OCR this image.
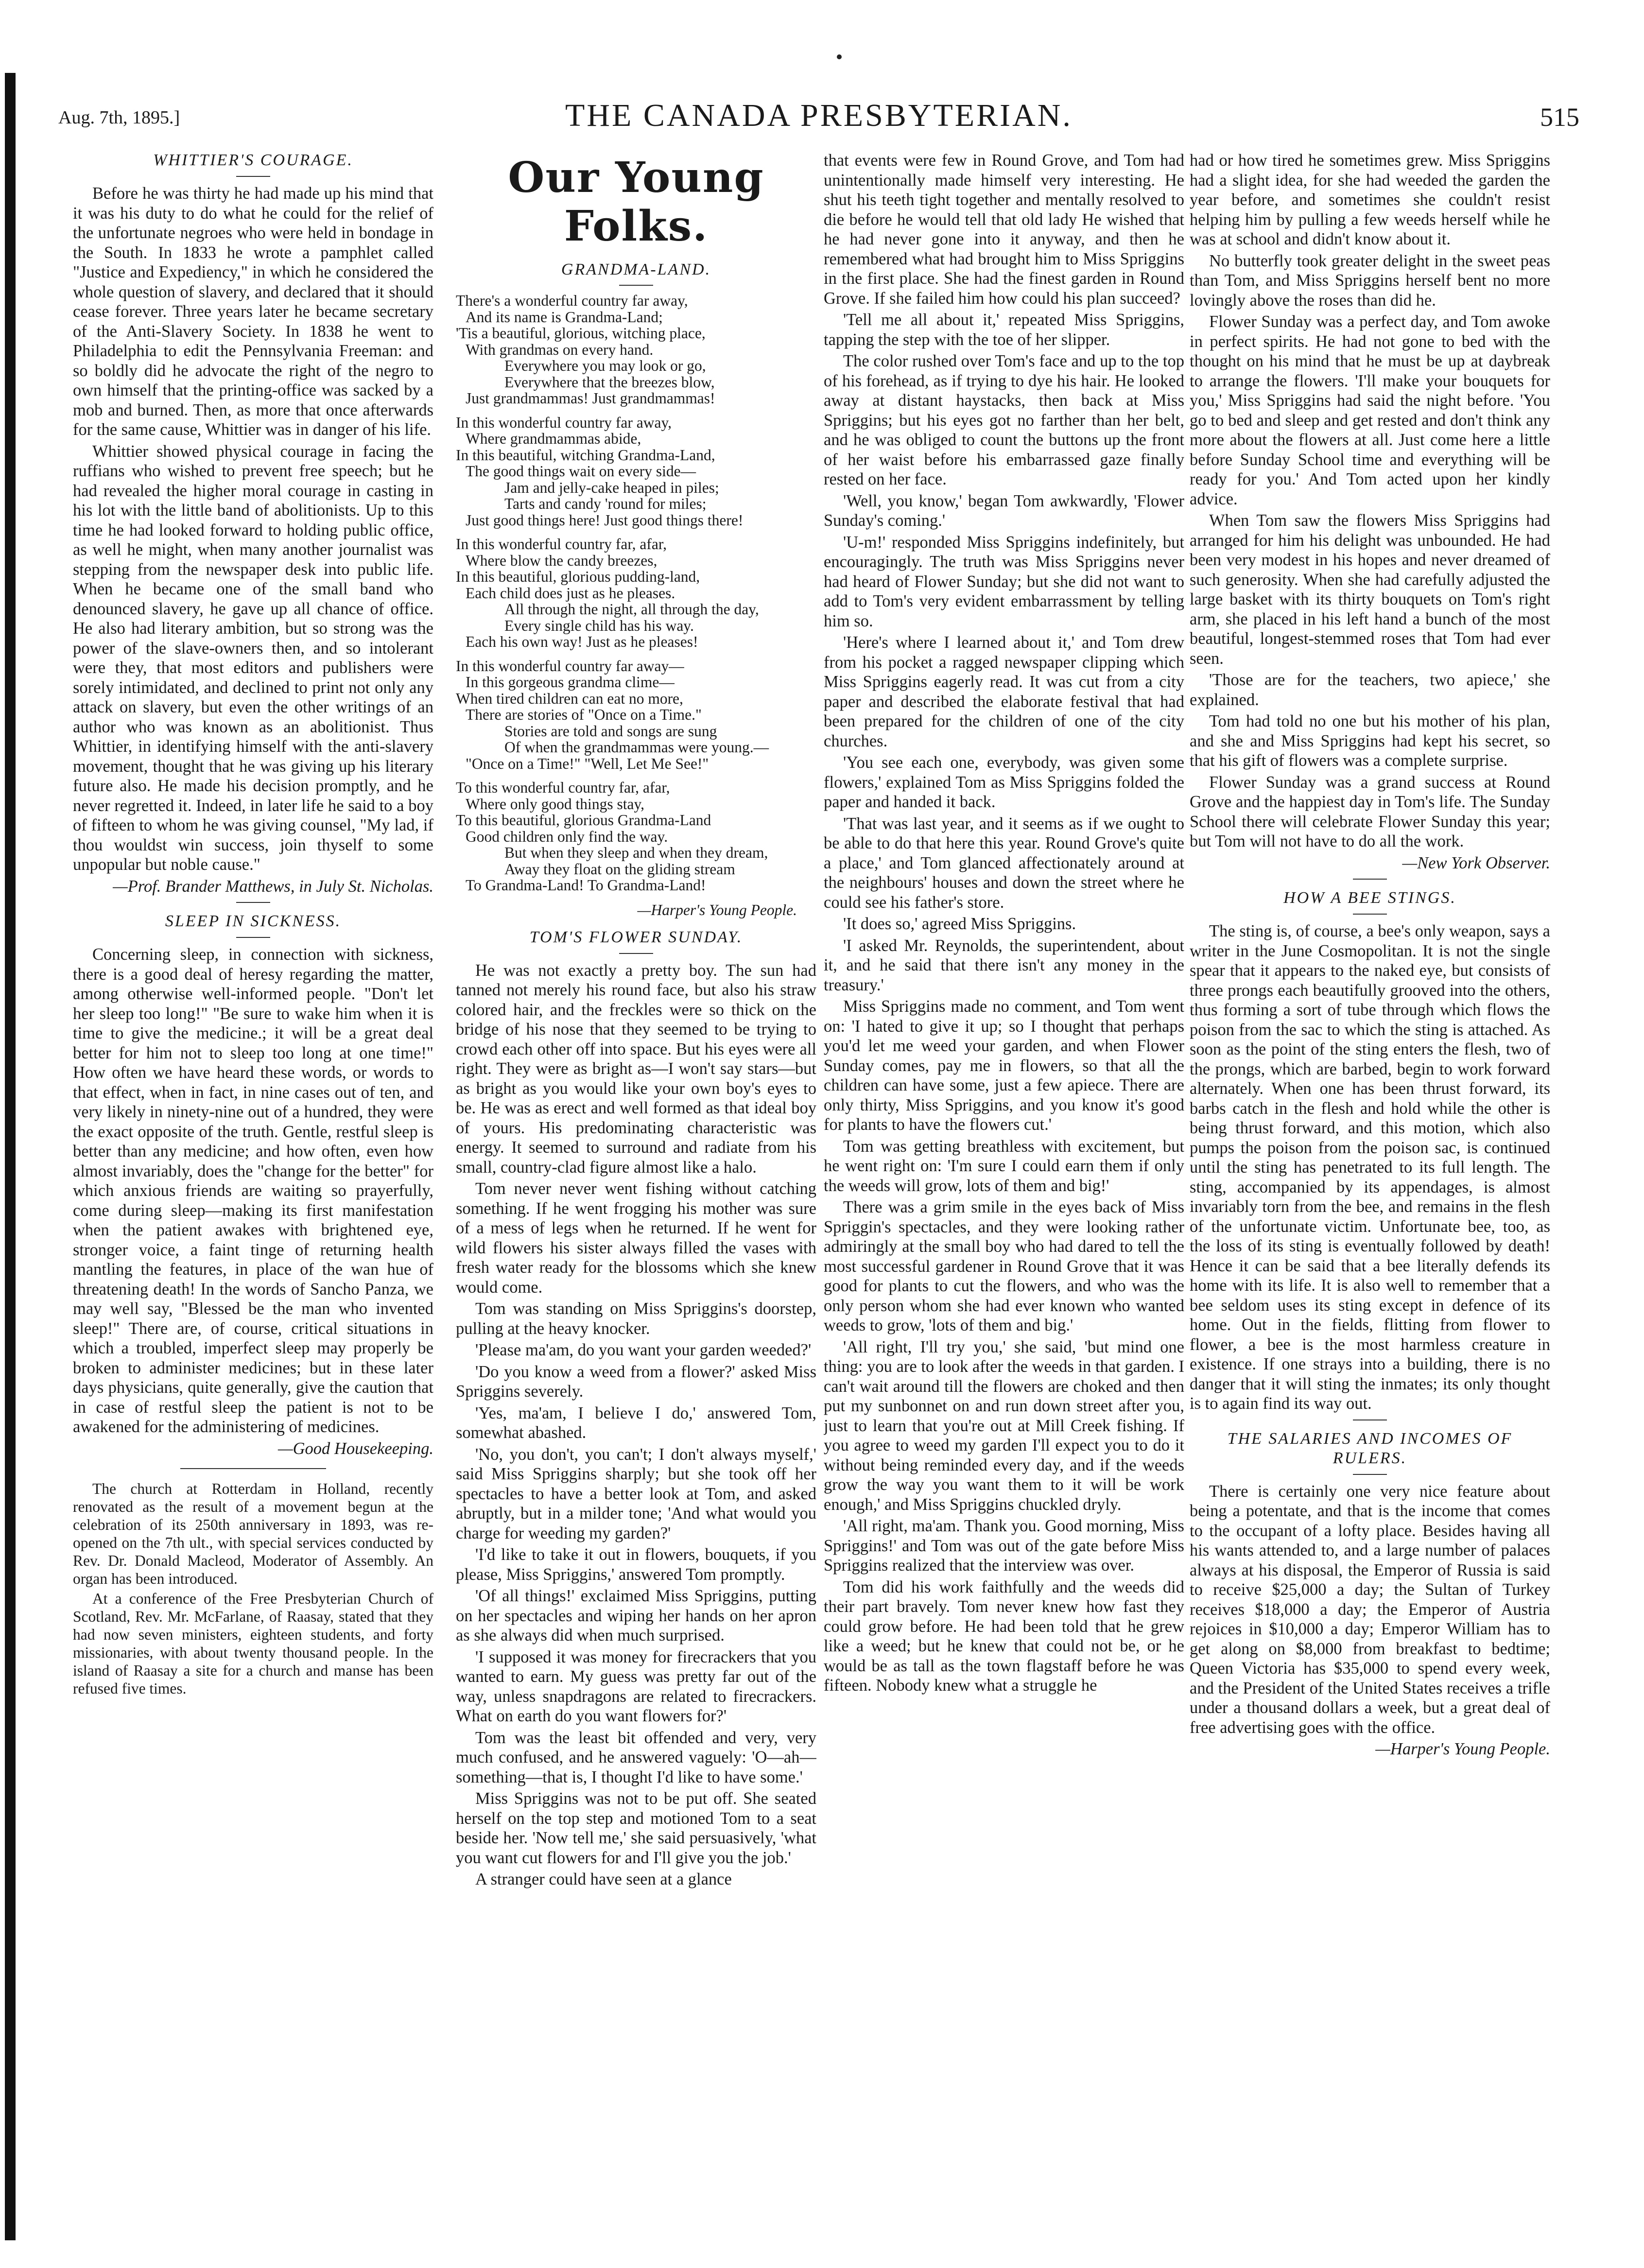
Aug. 7th, 1895.]	THE CANADA PRESBYTERIAN.	515
WHITTIER'S COURAGE.

Before he was thirty he had made up his mind that it was his duty to do what he could for the relief of the unfortunate negroes who were held in bondage in the South. In 1833 he wrote a pamphlet called "Justice and Expediency," in which he considered the whole question of slavery, and declared that it should cease forever. Three years later he became secretary of the Anti-Slavery Society. In 1838 he went to Philadelphia to edit the Pennsylvania Freeman: and so boldly did he advocate the right of the negro to own himself that the printing-office was sacked by a mob and burned. Then, as more that once afterwards for the same cause, Whittier was in danger of his life.

Whittier showed physical courage in facing the ruffians who wished to prevent free speech; but he had revealed the higher moral courage in casting in his lot with the little band of abolitionists. Up to this time he had looked forward to holding public office, as well he might, when many another journalist was stepping from the newspaper desk into public life. When he became one of the small band who denounced slavery, he gave up all chance of office. He also had literary ambition, but so strong was the power of the slave-owners then, and so intolerant were they, that most editors and publishers were sorely intimidated, and declined to print not only any attack on slavery, but even the other writings of an author who was known as an abolitionist. Thus Whittier, in identifying himself with the anti-slavery movement, thought that he was giving up his literary future also. He made his decision promptly, and he never regretted it. Indeed, in later life he said to a boy of fifteen to whom he was giving counsel, "My lad, if thou wouldst win success, join thyself to some unpopular but noble cause."

—Prof. Brander Matthews, in July St. Nicholas.

SLEEP IN SICKNESS.

Concerning sleep, in connection with sickness, there is a good deal of heresy regarding the matter, among otherwise well-informed people. "Don't let her sleep too long!" "Be sure to wake him when it is time to give the medicine.; it will be a great deal better for him not to sleep too long at one time!" How often we have heard these words, or words to that effect, when in fact, in nine cases out of ten, and very likely in ninety-nine out of a hundred, they were the exact opposite of the truth. Gentle, restful sleep is better than any medicine; and how often, even how almost invariably, does the "change for the better" for which anxious friends are waiting so prayerfully, come during sleep—making its first manifestation when the patient awakes with brightened eye, stronger voice, a faint tinge of returning health mantling the features, in place of the wan hue of threatening death! In the words of Sancho Panza, we may well say, "Blessed be the man who invented sleep!" There are, of course, critical situations in which a troubled, imperfect sleep may properly be broken to administer medicines; but in these later days physicians, quite generally, give the caution that in case of restful sleep the patient is not to be awakened for the administering of medicines.

—Good Housekeeping.

The church at Rotterdam in Holland, recently renovated as the result of a movement begun at the celebration of its 250th anniversary in 1893, was re-opened on the 7th ult., with special services conducted by Rev. Dr. Donald Macleod, Moderator of Assembly. An organ has been introduced.

At a conference of the Free Presbyterian Church of Scotland, Rev. Mr. McFarlane, of Raasay, stated that they had now seven ministers, eighteen students, and forty missionaries, with about twenty thousand people. In the island of Raasay a site for a church and manse has been refused five times.

Our Young Folks.
GRANDMA-LAND.
There's a wonderful country far away,
And its name is Grandma-Land;
'Tis a beautiful, glorious, witching place,
With grandmas on every hand.
Everywhere you may look or go,
Everywhere that the breezes blow,
Just grandmammas! Just grandmammas!
In this wonderful country far away,
Where grandmammas abide,
In this beautiful, witching Grandma-Land,
The good things wait on every side—
Jam and jelly-cake heaped in piles;
Tarts and candy 'round for miles;
Just good things here! Just good things there!
In this wonderful country far, afar,
Where blow the candy breezes,
In this beautiful, glorious pudding-land,
Each child does just as he pleases.
All through the night, all through the day,
Every single child has his way.
Each his own way! Just as he pleases!
In this wonderful country far away—
In this gorgeous grandma clime—
When tired children can eat no more,
There are stories of "Once on a Time."
Stories are told and songs are sung
Of when the grandmammas were young.—
"Once on a Time!" "Well, Let Me See!"
To this wonderful country far, afar,
Where only good things stay,
To this beautiful, glorious Grandma-Land
Good children only find the way.
But when they sleep and when they dream,
Away they float on the gliding stream
To Grandma-Land! To Grandma-Land!
—Harper's Young People.
TOM'S FLOWER SUNDAY.

He was not exactly a pretty boy. The sun had tanned not merely his round face, but also his straw colored hair, and the freckles were so thick on the bridge of his nose that they seemed to be trying to crowd each other off into space. But his eyes were all right. They were as bright as—I won't say stars—but as bright as you would like your own boy's eyes to be. He was as erect and well formed as that ideal boy of yours. His predominating characteristic was energy. It seemed to surround and radiate from his small, country-clad figure almost like a halo.

Tom never never went fishing without catching something. If he went frogging his mother was sure of a mess of legs when he returned. If he went for wild flowers his sister always filled the vases with fresh water ready for the blossoms which she knew would come.

Tom was standing on Miss Spriggins's doorstep, pulling at the heavy knocker.

'Please ma'am, do you want your garden weeded?'

'Do you know a weed from a flower?' asked Miss Spriggins severely.

'Yes, ma'am, I believe I do,' answered Tom, somewhat abashed.

'No, you don't, you can't; I don't always myself,' said Miss Spriggins sharply; but she took off her spectacles to have a better look at Tom, and asked abruptly, but in a milder tone; 'And what would you charge for weeding my garden?'

'I'd like to take it out in flowers, bouquets, if you please, Miss Spriggins,' answered Tom promptly.

'Of all things!' exclaimed Miss Spriggins, putting on her spectacles and wiping her hands on her apron as she always did when much surprised.

'I supposed it was money for firecrackers that you wanted to earn. My guess was pretty far out of the way, unless snapdragons are related to firecrackers. What on earth do you want flowers for?'

Tom was the least bit offended and very, very much confused, and he answered vaguely: 'O—ah—something—that is, I thought I'd like to have some.'

Miss Spriggins was not to be put off. She seated herself on the top step and motioned Tom to a seat beside her. 'Now tell me,' she said persuasively, 'what you want cut flowers for and I'll give you the job.'

A stranger could have seen at a glance

that events were few in Round Grove, and Tom had unintentionally made himself very interesting. He shut his teeth tight together and mentally resolved to die before he would tell that old lady He wished that he had never gone into it anyway, and then he remembered what had brought him to Miss Spriggins in the first place. She had the finest garden in Round Grove. If she failed him how could his plan succeed?

'Tell me all about it,' repeated Miss Spriggins, tapping the step with the toe of her slipper.

The color rushed over Tom's face and up to the top of his forehead, as if trying to dye his hair. He looked away at distant haystacks, then back at Miss Spriggins; but his eyes got no farther than her belt, and he was obliged to count the buttons up the front of her waist before his embarrassed gaze finally rested on her face.

'Well, you know,' began Tom awkwardly, 'Flower Sunday's coming.'

'U-m!' responded Miss Spriggins indefinitely, but encouragingly. The truth was Miss Spriggins never had heard of Flower Sunday; but she did not want to add to Tom's very evident embarrassment by telling him so.

'Here's where I learned about it,' and Tom drew from his pocket a ragged newspaper clipping which Miss Spriggins eagerly read. It was cut from a city paper and described the elaborate festival that had been prepared for the children of one of the city churches.

'You see each one, everybody, was given some flowers,' explained Tom as Miss Spriggins folded the paper and handed it back.

'That was last year, and it seems as if we ought to be able to do that here this year. Round Grove's quite a place,' and Tom glanced affectionately around at the neighbours' houses and down the street where he could see his father's store.

'It does so,' agreed Miss Spriggins.

'I asked Mr. Reynolds, the superintendent, about it, and he said that there isn't any money in the treasury.'

Miss Spriggins made no comment, and Tom went on: 'I hated to give it up; so I thought that perhaps you'd let me weed your garden, and when Flower Sunday comes, pay me in flowers, so that all the children can have some, just a few apiece. There are only thirty, Miss Spriggins, and you know it's good for plants to have the flowers cut.'

Tom was getting breathless with excitement, but he went right on: 'I'm sure I could earn them if only the weeds will grow, lots of them and big!'

There was a grim smile in the eyes back of Miss Spriggin's spectacles, and they were looking rather admiringly at the small boy who had dared to tell the most successful gardener in Round Grove that it was good for plants to cut the flowers, and who was the only person whom she had ever known who wanted weeds to grow, 'lots of them and big.'

'All right, I'll try you,' she said, 'but mind one thing: you are to look after the weeds in that garden. I can't wait around till the flowers are choked and then put my sunbonnet on and run down street after you, just to learn that you're out at Mill Creek fishing. If you agree to weed my garden I'll expect you to do it without being reminded every day, and if the weeds grow the way you want them to it will be work enough,' and Miss Spriggins chuckled dryly.

'All right, ma'am. Thank you. Good morning, Miss Spriggins!' and Tom was out of the gate before Miss Spriggins realized that the interview was over.

Tom did his work faithfully and the weeds did their part bravely. Tom never knew how fast they could grow before. He had been told that he grew like a weed; but he knew that could not be, or he would be as tall as the town flagstaff before he was fifteen. Nobody knew what a struggle he

had or how tired he sometimes grew. Miss Spriggins had a slight idea, for she had weeded the garden the year before, and sometimes she couldn't resist helping him by pulling a few weeds herself while he was at school and didn't know about it.

No butterfly took greater delight in the sweet peas than Tom, and Miss Spriggins herself bent no more lovingly above the roses than did he.

Flower Sunday was a perfect day, and Tom awoke in perfect spirits. He had not gone to bed with the thought on his mind that he must be up at daybreak to arrange the flowers. 'I'll make your bouquets for you,' Miss Spriggins had said the night before. 'You go to bed and sleep and get rested and don't think any more about the flowers at all. Just come here a little before Sunday School time and everything will be ready for you.' And Tom acted upon her kindly advice.

When Tom saw the flowers Miss Spriggins had arranged for him his delight was unbounded. He had been very modest in his hopes and never dreamed of such generosity. When she had carefully adjusted the large basket with its thirty bouquets on Tom's right arm, she placed in his left hand a bunch of the most beautiful, longest-stemmed roses that Tom had ever seen.

'Those are for the teachers, two apiece,' she explained.

Tom had told no one but his mother of his plan, and she and Miss Spriggins had kept his secret, so that his gift of flowers was a complete surprise.

Flower Sunday was a grand success at Round Grove and the happiest day in Tom's life. The Sunday School there will celebrate Flower Sunday this year; but Tom will not have to do all the work.

—New York Observer.

HOW A BEE STINGS.

The sting is, of course, a bee's only weapon, says a writer in the June Cosmopolitan. It is not the single spear that it appears to the naked eye, but consists of three prongs each beautifully grooved into the others, thus forming a sort of tube through which flows the poison from the sac to which the sting is attached. As soon as the point of the sting enters the flesh, two of the prongs, which are barbed, begin to work forward alternately. When one has been thrust forward, its barbs catch in the flesh and hold while the other is being thrust forward, and this motion, which also pumps the poison from the poison sac, is continued until the sting has penetrated to its full length. The sting, accompanied by its appendages, is almost invariably torn from the bee, and remains in the flesh of the unfortunate victim. Unfortunate bee, too, as the loss of its sting is eventually followed by death! Hence it can be said that a bee literally defends its home with its life. It is also well to remember that a bee seldom uses its sting except in defence of its home. Out in the fields, flitting from flower to flower, a bee is the most harmless creature in existence. If one strays into a building, there is no danger that it will sting the inmates; its only thought is to again find its way out.

THE SALARIES AND INCOMES OF RULERS.

There is certainly one very nice feature about being a potentate, and that is the income that comes to the occupant of a lofty place. Besides having all his wants attended to, and a large number of palaces always at his disposal, the Emperor of Russia is said to receive $25,000 a day; the Sultan of Turkey receives $18,000 a day; the Emperor of Austria rejoices in $10,000 a day; Emperor William has to get along on $8,000 from breakfast to bedtime; Queen Victoria has $35,000 to spend every week, and the President of the United States receives a trifle under a thousand dollars a week, but a great deal of free advertising goes with the office.

—Harper's Young People.
